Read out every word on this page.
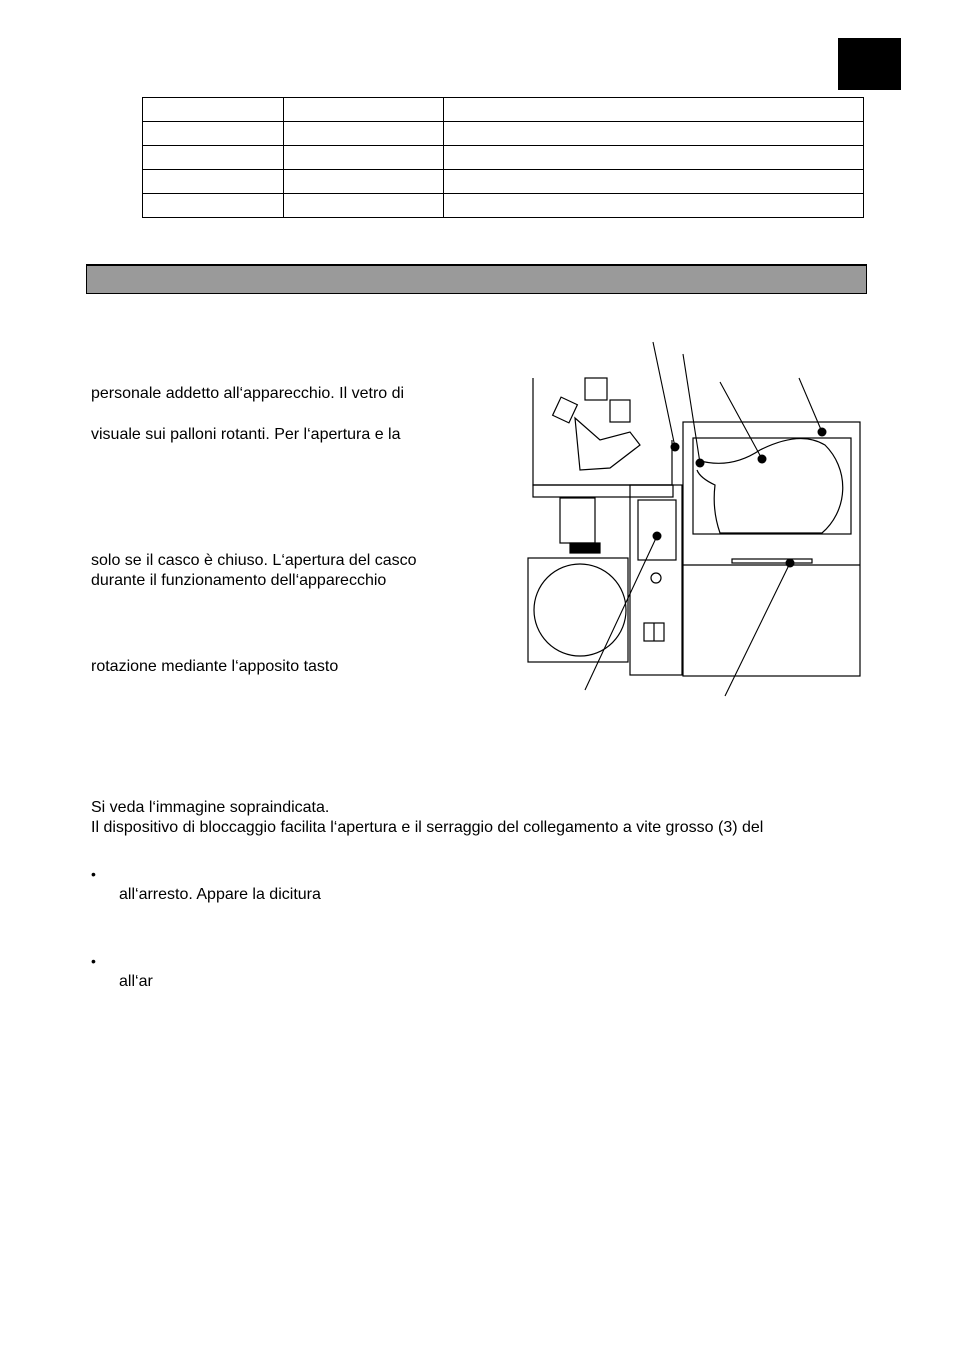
personale addetto all‘apparecchio. Il vetro di
visuale sui palloni rotanti. Per l‘apertura e la
solo se il casco è chiuso. L‘apertura del casco
durante il funzionamento dell‘apparecchio
rotazione mediante l‘apposito tasto
Si veda l‘immagine sopraindicata.
Il dispositivo di bloccaggio facilita l‘apertura e il serraggio del collegamento a vite grosso (3) del
•
all‘arresto. Appare la dicitura
•
all‘ar
